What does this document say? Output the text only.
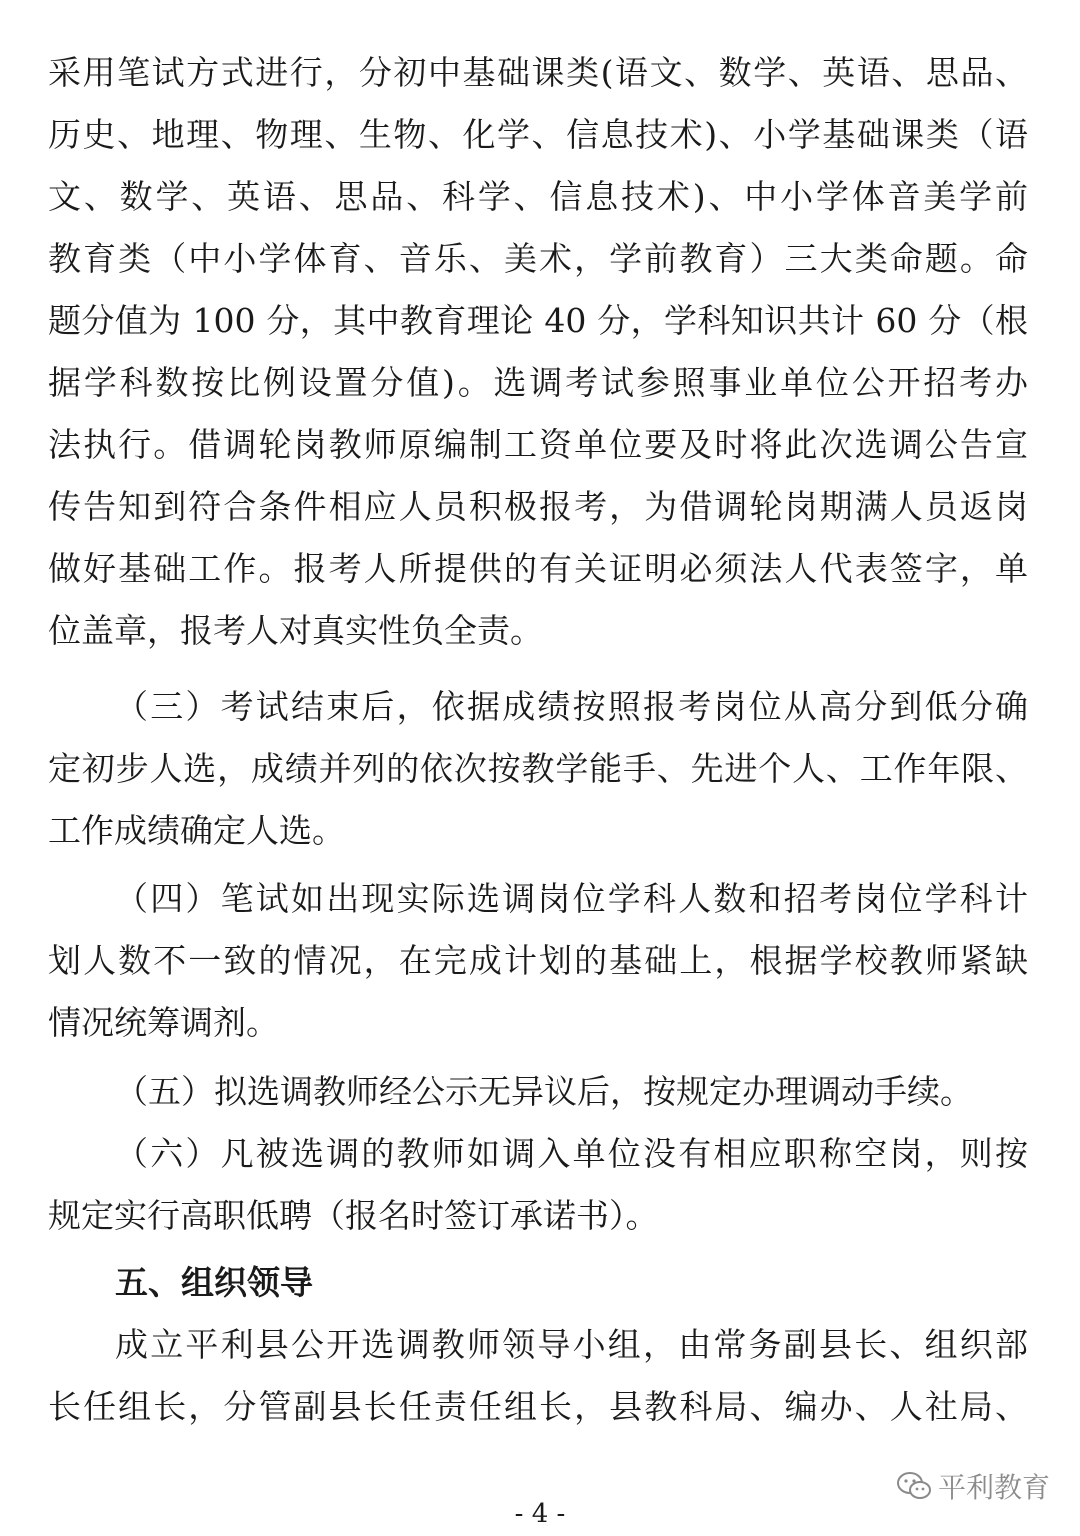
采用笔试方式进行，分初中基础课类(语文、数学、英语、思品、
历史、地理、物理、生物、化学、信息技术)、小学基础课类（语
文、数学、英语、思品、科学、信息技术)、中小学体音美学前
教育类（中小学体育、音乐、美术，学前教育）三大类命题。命
题分值为 100 分，其中教育理论 40 分，学科知识共计 60 分（根
据学科数按比例设置分值)。选调考试参照事业单位公开招考办
法执行。借调轮岗教师原编制工资单位要及时将此次选调公告宣
传告知到符合条件相应人员积极报考，为借调轮岗期满人员返岗
做好基础工作。报考人所提供的有关证明必须法人代表签字，单
位盖章，报考人对真实性负全责。
（三）考试结束后，依据成绩按照报考岗位从高分到低分确
定初步人选，成绩并列的依次按教学能手、先进个人、工作年限、
工作成绩确定人选。
（四）笔试如出现实际选调岗位学科人数和招考岗位学科计
划人数不一致的情况，在完成计划的基础上，根据学校教师紧缺
情况统筹调剂。
（五）拟选调教师经公示无异议后，按规定办理调动手续。
（六）凡被选调的教师如调入单位没有相应职称空岗，则按
规定实行高职低聘（报名时签订承诺书）。
五、组织领导
成立平利县公开选调教师领导小组，由常务副县长、组织部
长任组长，分管副县长任责任组长，县教科局、编办、人社局、
平利教育
- 4 -
